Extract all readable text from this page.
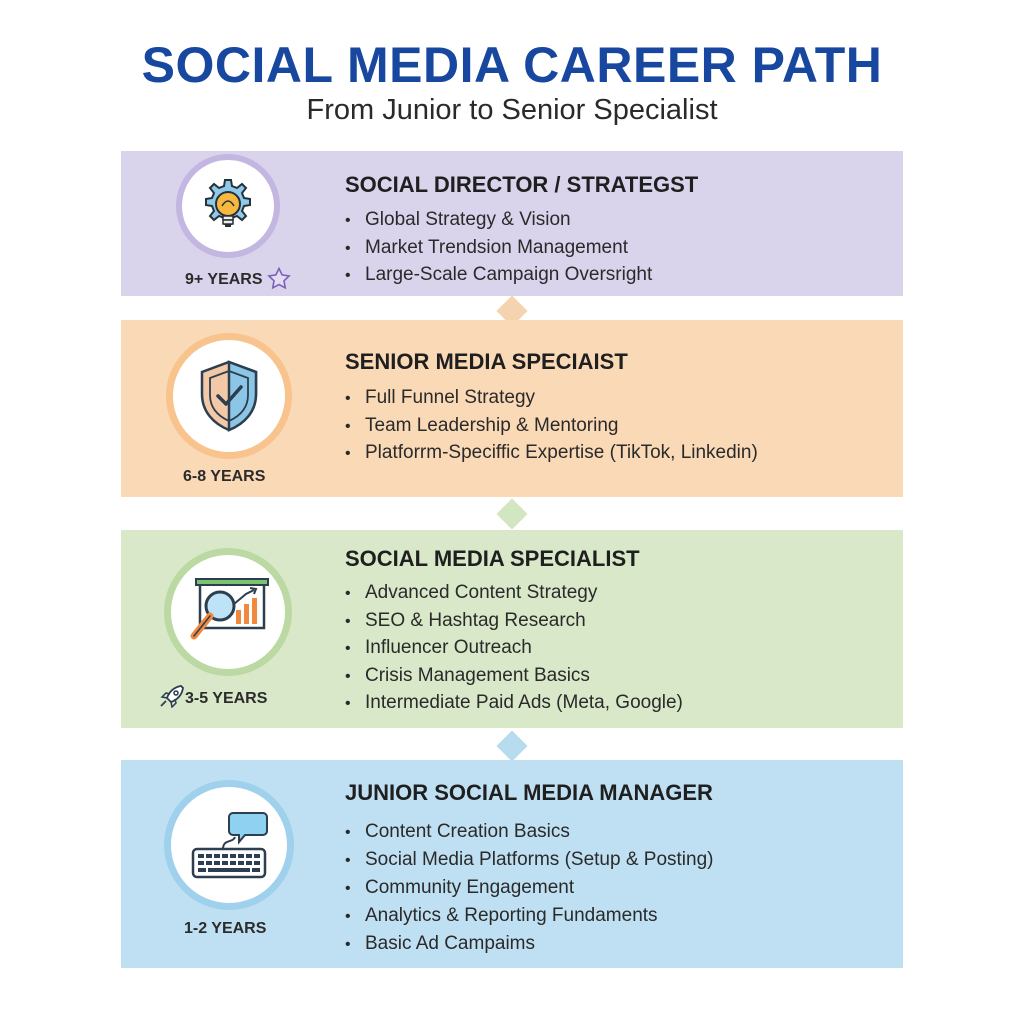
SOCIAL MEDIA CAREER PATH
From Junior to Senior Specialist
9+ YEARS
SOCIAL DIRECTOR / STRATEGST
• Global Strategy & Vision
• Market Trendsion Management
• Large-Scale Campaign Oversright
6-8 YEARS
SENIOR MEDIA SPECIAIST
• Full Funnel Strategy
• Team Leadership & Mentoring
• Platforrm-Speciffic Expertise (TikTok, Linkedin)
3-5 YEARS
SOCIAL MEDIA SPECIALIST
• Advanced Content Strategy
• SEO & Hashtag Research
• Influencer Outreach
• Crisis Management Basics
• Intermediate Paid Ads (Meta, Google)
1-2 YEARS
JUNIOR SOCIAL MEDIA MANAGER
• Content Creation Basics
• Social Media Platforms (Setup & Posting)
• Community Engagement
• Analytics & Reporting Fundaments
• Basic Ad Campaims
